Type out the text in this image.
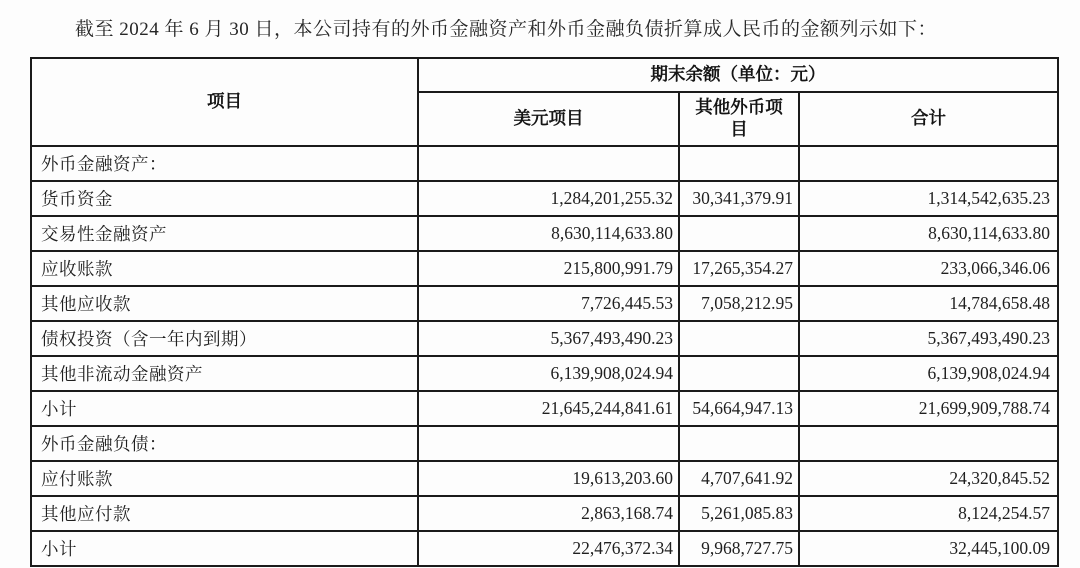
截至 2024 年 6 月 30 日，本公司持有的外币金融资产和外币金融负债折算成人民币的金额列示如下：

项目	期末余额（单位：元）		
	美元项目	其他外币项目	合计
外币金融资产：			
货币资金	1,284,201,255.32	30,341,379.91	1,314,542,635.23
交易性金融资产	8,630,114,633.80		8,630,114,633.80
应收账款	215,800,991.79	17,265,354.27	233,066,346.06
其他应收款	7,726,445.53	7,058,212.95	14,784,658.48
债权投资（含一年内到期）	5,367,493,490.23		5,367,493,490.23
其他非流动金融资产	6,139,908,024.94		6,139,908,024.94
小计	21,645,244,841.61	54,664,947.13	21,699,909,788.74
外币金融负债：			
应付账款	19,613,203.60	4,707,641.92	24,320,845.52
其他应付款	2,863,168.74	5,261,085.83	8,124,254.57
小计	22,476,372.34	9,968,727.75	32,445,100.09
